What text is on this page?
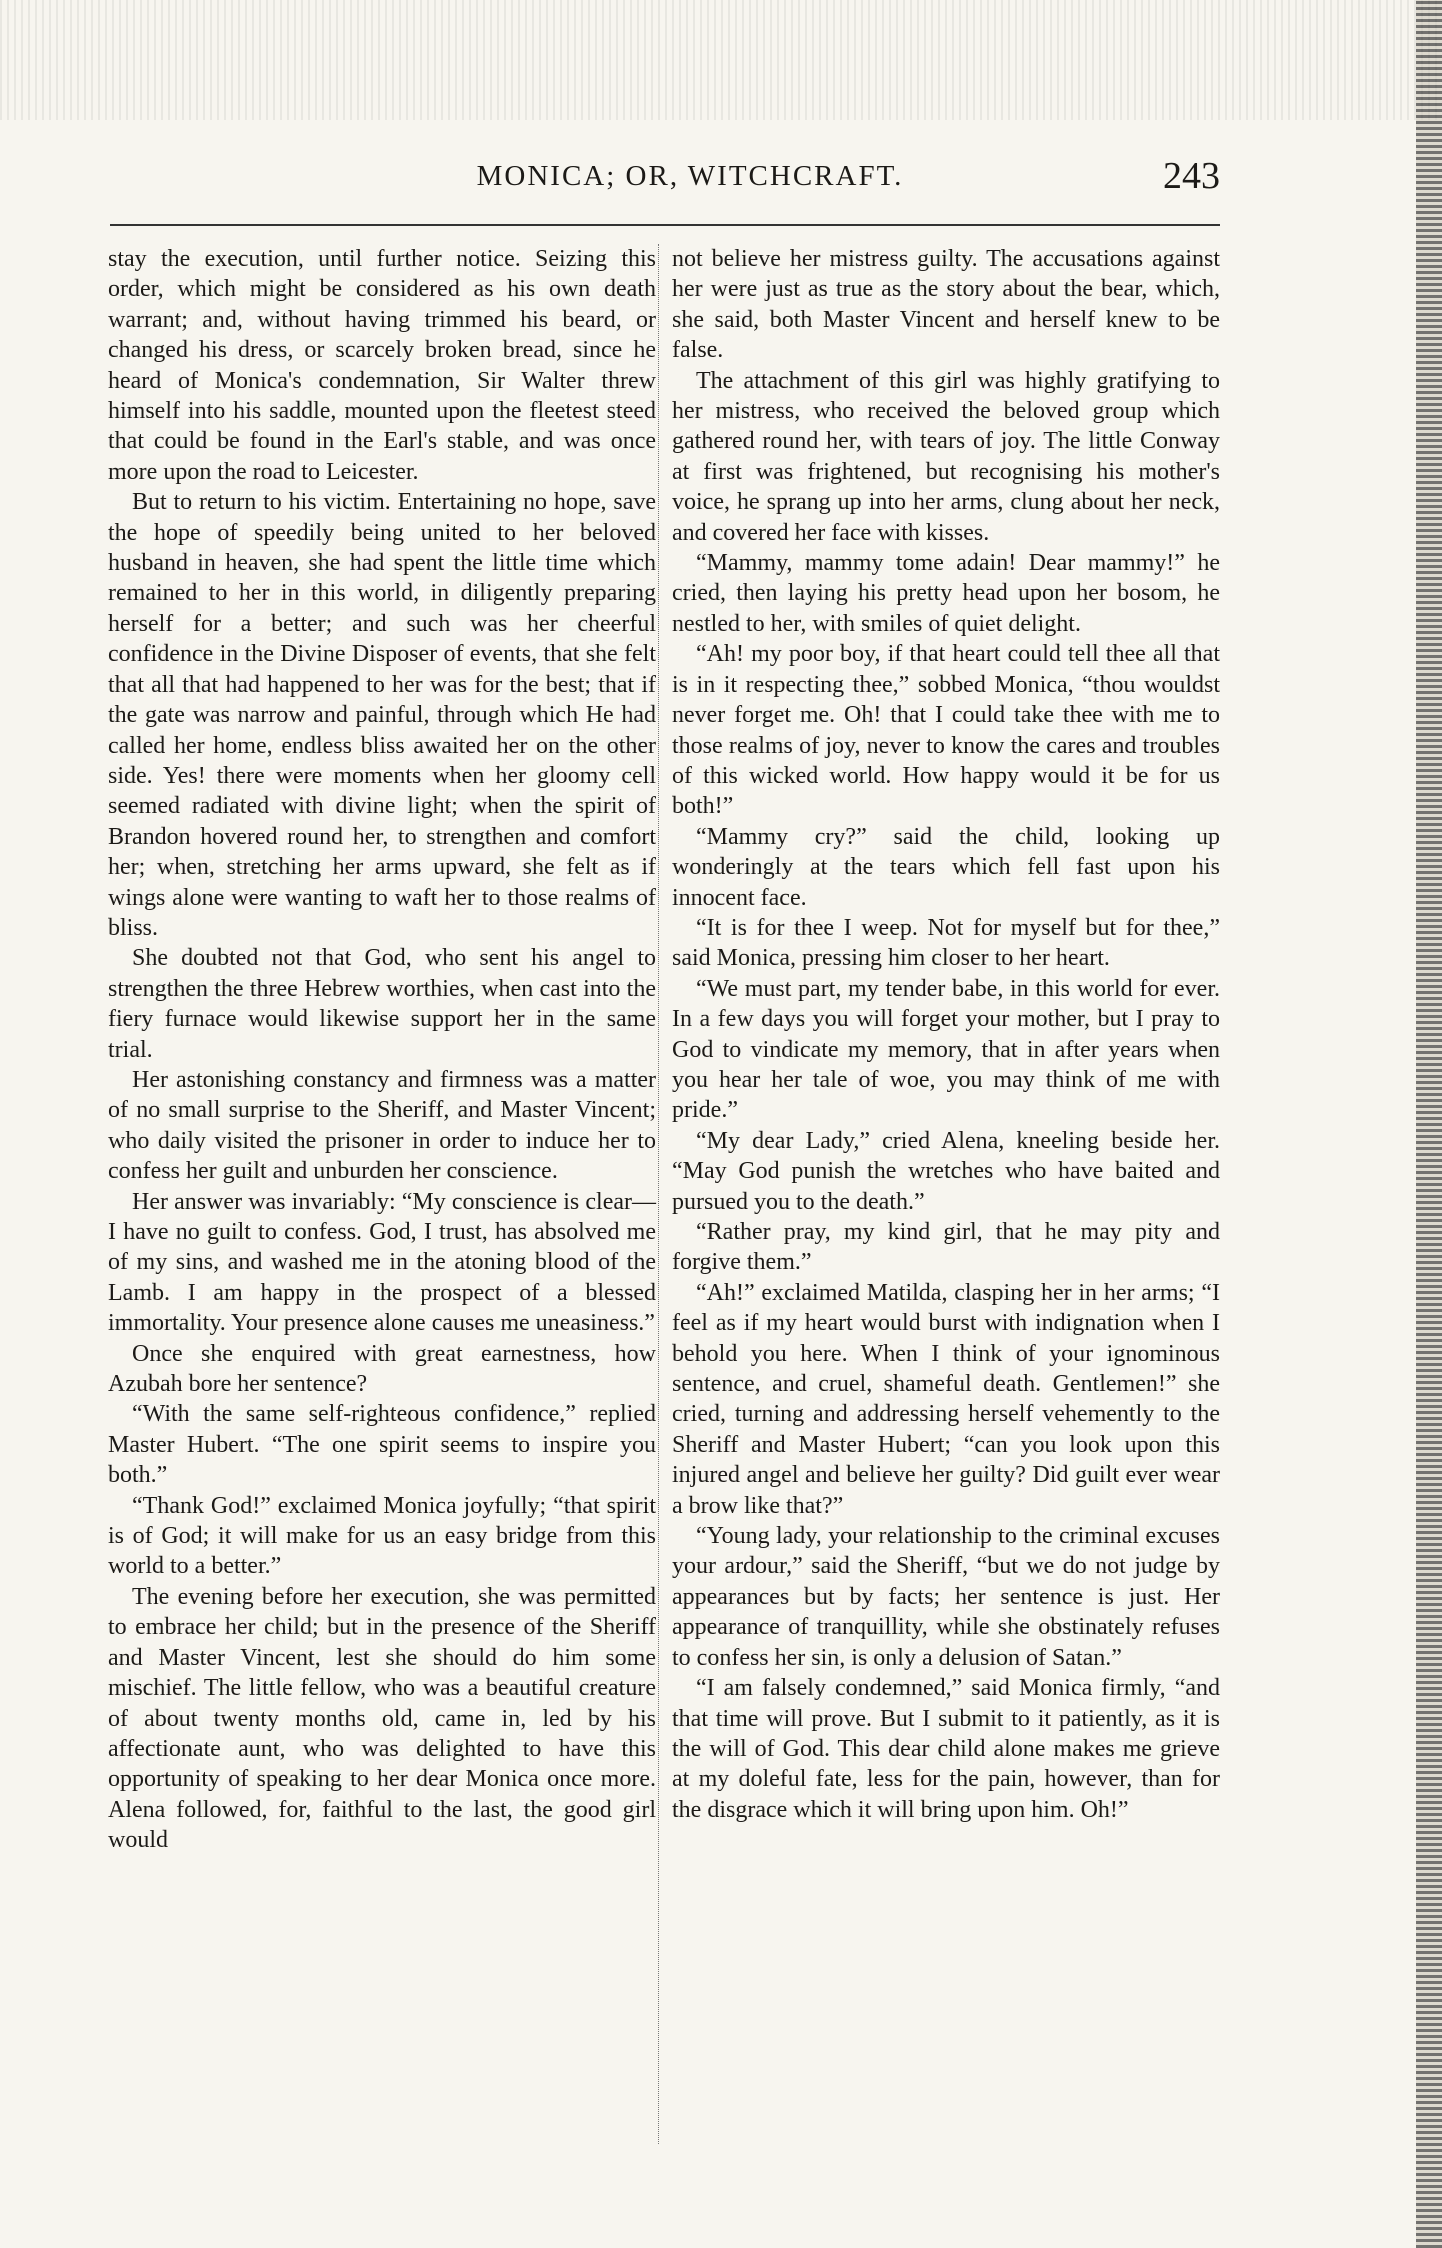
MONICA; OR, WITCHCRAFT.	243

stay the execution, until further notice. Seizing this order, which might be considered as his own death warrant; and, without having trimmed his beard, or changed his dress, or scarcely broken bread, since he heard of Monica's condemnation, Sir Walter threw himself into his saddle, mounted upon the fleetest steed that could be found in the Earl's stable, and was once more upon the road to Leicester.

But to return to his victim. Entertaining no hope, save the hope of speedily being united to her beloved husband in heaven, she had spent the little time which remained to her in this world, in diligently preparing herself for a better; and such was her cheerful confidence in the Divine Disposer of events, that she felt that all that had happened to her was for the best; that if the gate was narrow and painful, through which He had called her home, endless bliss awaited her on the other side. Yes! there were moments when her gloomy cell seemed radiated with divine light; when the spirit of Brandon hovered round her, to strengthen and comfort her; when, stretching her arms upward, she felt as if wings alone were wanting to waft her to those realms of bliss.

She doubted not that God, who sent his angel to strengthen the three Hebrew worthies, when cast into the fiery furnace would likewise support her in the same trial.

Her astonishing constancy and firmness was a matter of no small surprise to the Sheriff, and Master Vincent; who daily visited the prisoner in order to induce her to confess her guilt and unburden her conscience.

Her answer was invariably: “My conscience is clear—I have no guilt to confess. God, I trust, has absolved me of my sins, and washed me in the atoning blood of the Lamb. I am happy in the prospect of a blessed immortality. Your presence alone causes me uneasiness.”

Once she enquired with great earnestness, how Azubah bore her sentence?

“With the same self-righteous confidence,” replied Master Hubert. “The one spirit seems to inspire you both.”

“Thank God!” exclaimed Monica joyfully; “that spirit is of God; it will make for us an easy bridge from this world to a better.”

The evening before her execution, she was permitted to embrace her child; but in the presence of the Sheriff and Master Vincent, lest she should do him some mischief. The little fellow, who was a beautiful creature of about twenty months old, came in, led by his affectionate aunt, who was delighted to have this opportunity of speaking to her dear Monica once more. Alena followed, for, faithful to the last, the good girl would

not believe her mistress guilty. The accusations against her were just as true as the story about the bear, which, she said, both Master Vincent and herself knew to be false.

The attachment of this girl was highly gratifying to her mistress, who received the beloved group which gathered round her, with tears of joy. The little Conway at first was frightened, but recognising his mother's voice, he sprang up into her arms, clung about her neck, and covered her face with kisses.

“Mammy, mammy tome adain! Dear mammy!” he cried, then laying his pretty head upon her bosom, he nestled to her, with smiles of quiet delight.

“Ah! my poor boy, if that heart could tell thee all that is in it respecting thee,” sobbed Monica, “thou wouldst never forget me. Oh! that I could take thee with me to those realms of joy, never to know the cares and troubles of this wicked world. How happy would it be for us both!”

“Mammy cry?” said the child, looking up wonderingly at the tears which fell fast upon his innocent face.

“It is for thee I weep. Not for myself but for thee,” said Monica, pressing him closer to her heart.

“We must part, my tender babe, in this world for ever. In a few days you will forget your mother, but I pray to God to vindicate my memory, that in after years when you hear her tale of woe, you may think of me with pride.”

“My dear Lady,” cried Alena, kneeling beside her. “May God punish the wretches who have baited and pursued you to the death.”

“Rather pray, my kind girl, that he may pity and forgive them.”

“Ah!” exclaimed Matilda, clasping her in her arms; “I feel as if my heart would burst with indignation when I behold you here. When I think of your ignominous sentence, and cruel, shameful death. Gentlemen!” she cried, turning and addressing herself vehemently to the Sheriff and Master Hubert; “can you look upon this injured angel and believe her guilty? Did guilt ever wear a brow like that?”

“Young lady, your relationship to the criminal excuses your ardour,” said the Sheriff, “but we do not judge by appearances but by facts; her sentence is just. Her appearance of tranquillity, while she obstinately refuses to confess her sin, is only a delusion of Satan.”

“I am falsely condemned,” said Monica firmly, “and that time will prove. But I submit to it patiently, as it is the will of God. This dear child alone makes me grieve at my doleful fate, less for the pain, however, than for the disgrace which it will bring upon him. Oh!”
